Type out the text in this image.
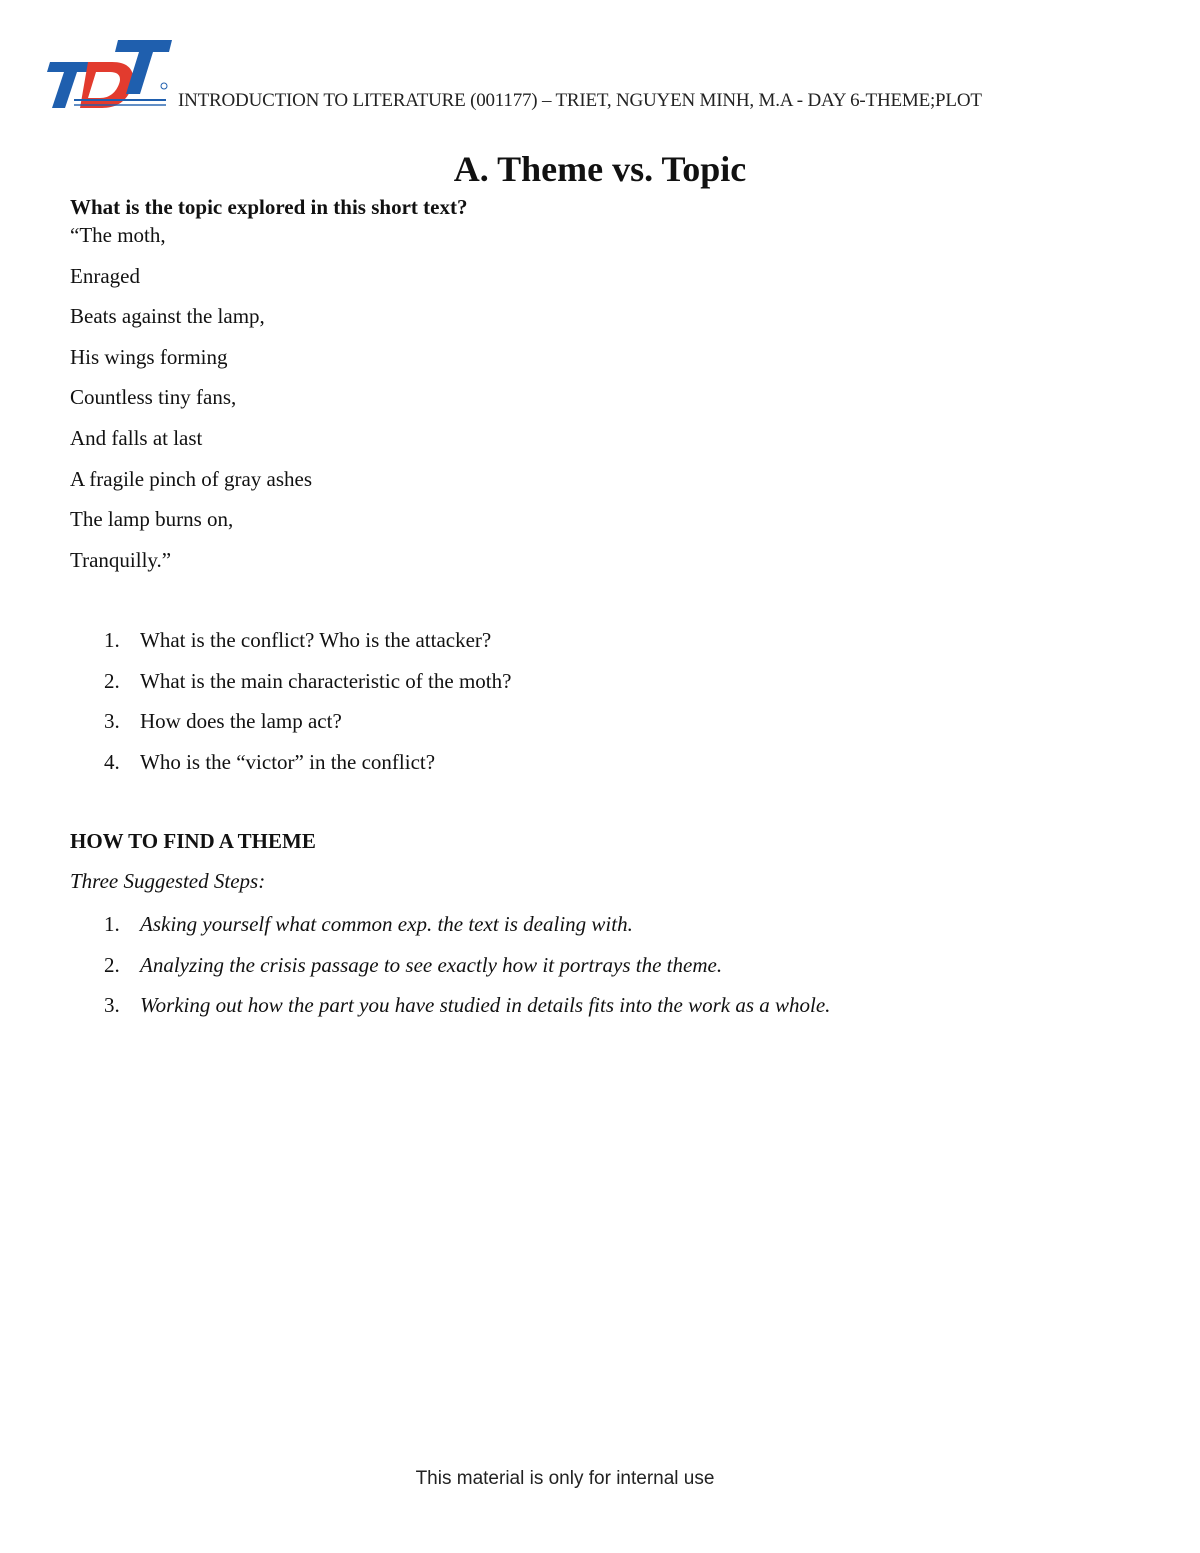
INTRODUCTION TO LITERATURE (001177) – TRIET, NGUYEN MINH, M.A - DAY 6-THEME;PLOT
A. Theme vs. Topic

What is the topic explored in this short text?

“The moth,
Enraged
Beats against the lamp,
His wings forming
Countless tiny fans,
And falls at last
A fragile pinch of gray ashes
The lamp burns on,
Tranquilly.”
1. What is the conflict? Who is the attacker?
2. What is the main characteristic of the moth?
3. How does the lamp act?
4. Who is the “victor” in the conflict?

HOW TO FIND A THEME

Three Suggested Steps:

1. Asking yourself what common exp. the text is dealing with.
2. Analyzing the crisis passage to see exactly how it portrays the theme.
3. Working out how the part you have studied in details fits into the work as a whole.
This material is only for internal use
